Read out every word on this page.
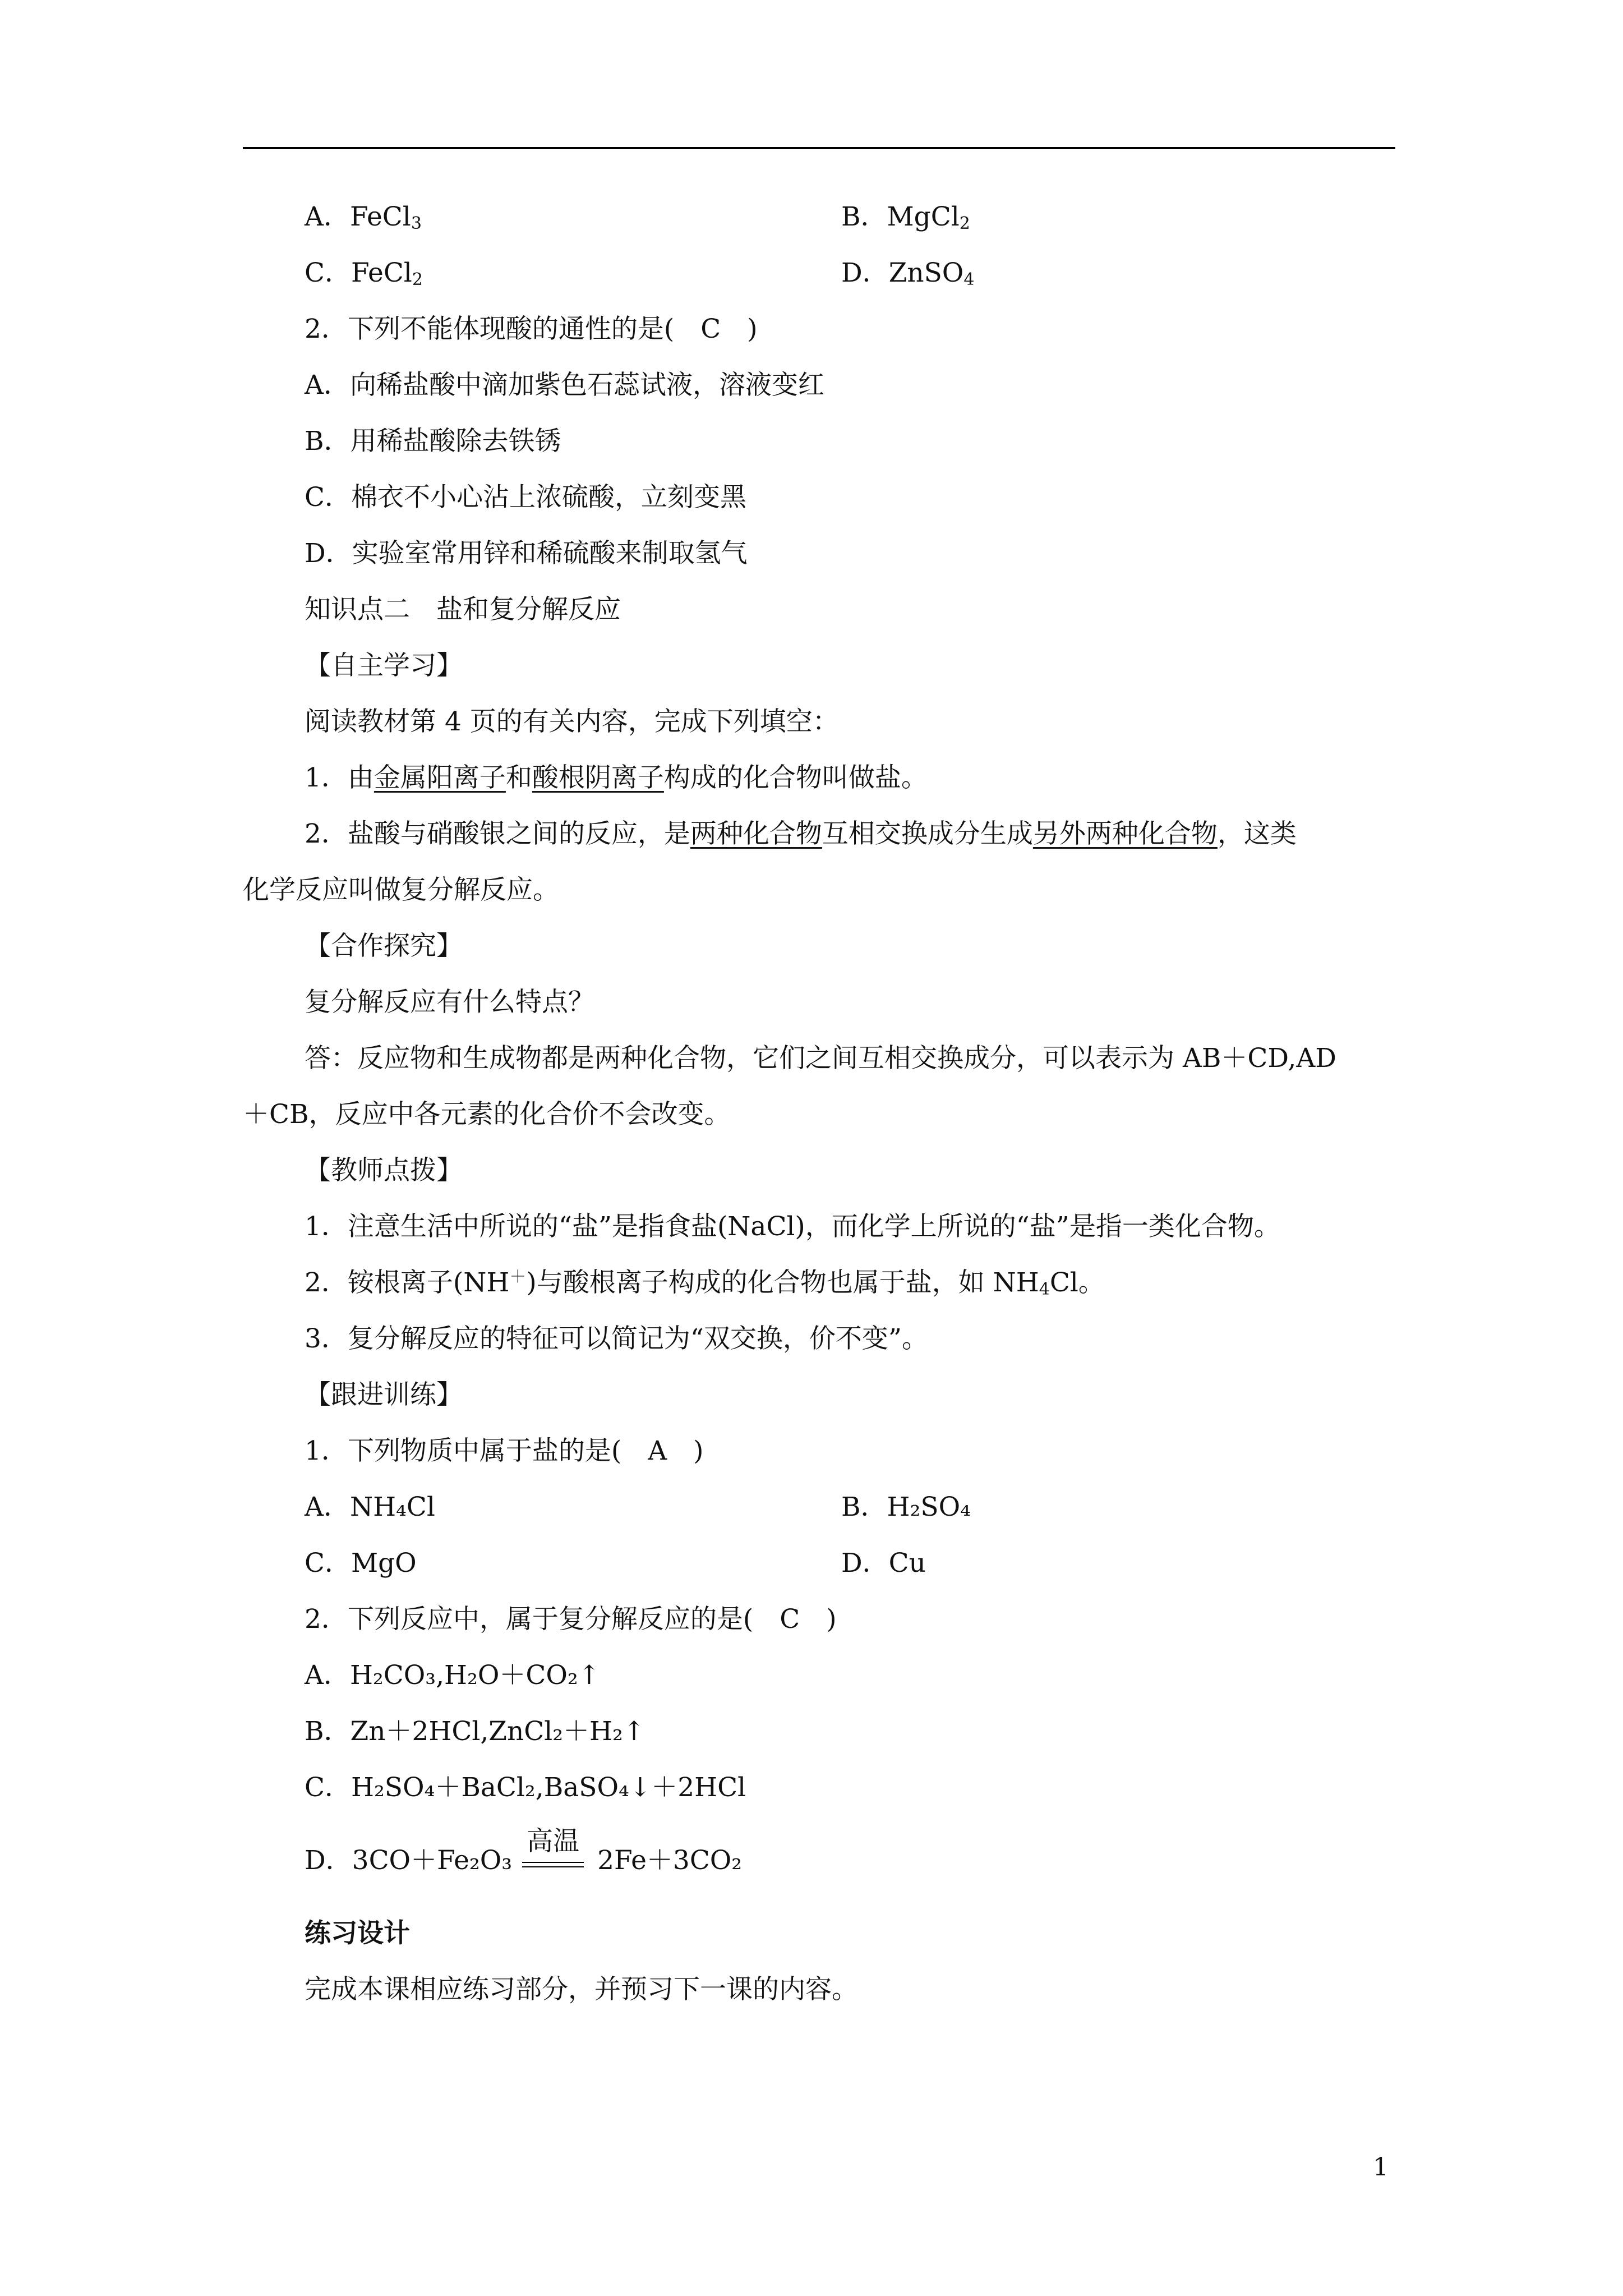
A．FeCl$_3$	B．MgCl$_2$
C．FeCl$_2$	D．ZnSO$_4$
2．下列不能体现酸的通性的是(　C　)
A．向稀盐酸中滴加紫色石蕊试液，溶液变红
B．用稀盐酸除去铁锈
C．棉衣不小心沾上浓硫酸，立刻变黑
D．实验室常用锌和稀硫酸来制取氢气
知识点二　盐和复分解反应
【自主学习】
阅读教材第 4 页的有关内容，完成下列填空：
1．由金属阳离子和酸根阴离子构成的化合物叫做盐。
2．盐酸与硝酸银之间的反应，是两种化合物互相交换成分生成另外两种化合物，这类
化学反应叫做复分解反应。
【合作探究】
复分解反应有什么特点？
答：反应物和生成物都是两种化合物，它们之间互相交换成分，可以表示为 AB＋CD,AD
＋CB，反应中各元素的化合价不会改变。
【教师点拨】
1．注意生活中所说的“盐”是指食盐(NaCl)，而化学上所说的“盐”是指一类化合物。
2．铵根离子(NH＋)与酸根离子构成的化合物也属于盐，如 $NH_4Cl$。
3．复分解反应的特征可以简记为“双交换，价不变”。
【跟进训练】
1．下列物质中属于盐的是(　A　)
A．NH₄Cl	B．H₂SO₄
C．MgO	D．Cu
2．下列反应中，属于复分解反应的是(　C　)
A．H₂CO₃,H₂O＋CO₂↑
B．Zn＋2HCl,ZnCl₂＋H₂↑
C．H₂SO₄＋BaCl₂,BaSO₄↓＋2HCl
D．3CO＋Fe₂O₃
高温
2Fe＋3CO₂
练习设计
完成本课相应练习部分，并预习下一课的内容。
1
